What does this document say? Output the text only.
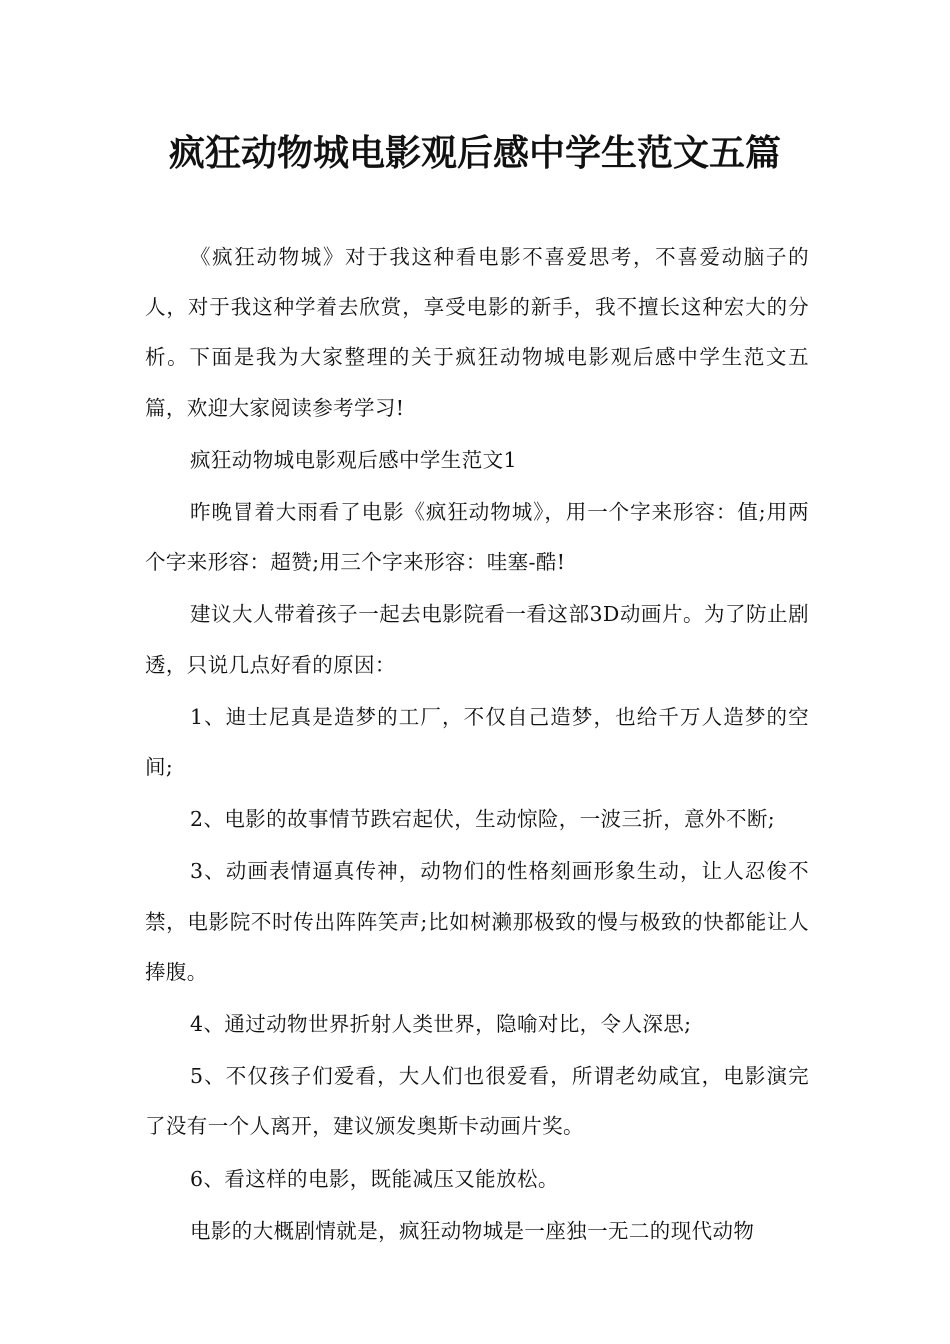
疯狂动物城电影观后感中学生范文五篇

《疯狂动物城》对于我这种看电影不喜爱思考，不喜爱动脑子的人，对于我这种学着去欣赏，享受电影的新手，我不擅长这种宏大的分析。下面是我为大家整理的关于疯狂动物城电影观后感中学生范文五篇，欢迎大家阅读参考学习!

疯狂动物城电影观后感中学生范文1

昨晚冒着大雨看了电影《疯狂动物城》，用一个字来形容：值;用两个字来形容：超赞;用三个字来形容：哇塞-酷!

建议大人带着孩子一起去电影院看一看这部3D动画片。为了防止剧透，只说几点好看的原因：

1、迪士尼真是造梦的工厂，不仅自己造梦，也给千万人造梦的空间;

2、电影的故事情节跌宕起伏，生动惊险，一波三折，意外不断;

3、动画表情逼真传神，动物们的性格刻画形象生动，让人忍俊不禁，电影院不时传出阵阵笑声;比如树濑那极致的慢与极致的快都能让人捧腹。

4、通过动物世界折射人类世界，隐喻对比，令人深思;

5、不仅孩子们爱看，大人们也很爱看，所谓老幼咸宜，电影演完了没有一个人离开，建议颁发奥斯卡动画片奖。

6、看这样的电影，既能减压又能放松。

电影的大概剧情就是，疯狂动物城是一座独一无二的现代动物
